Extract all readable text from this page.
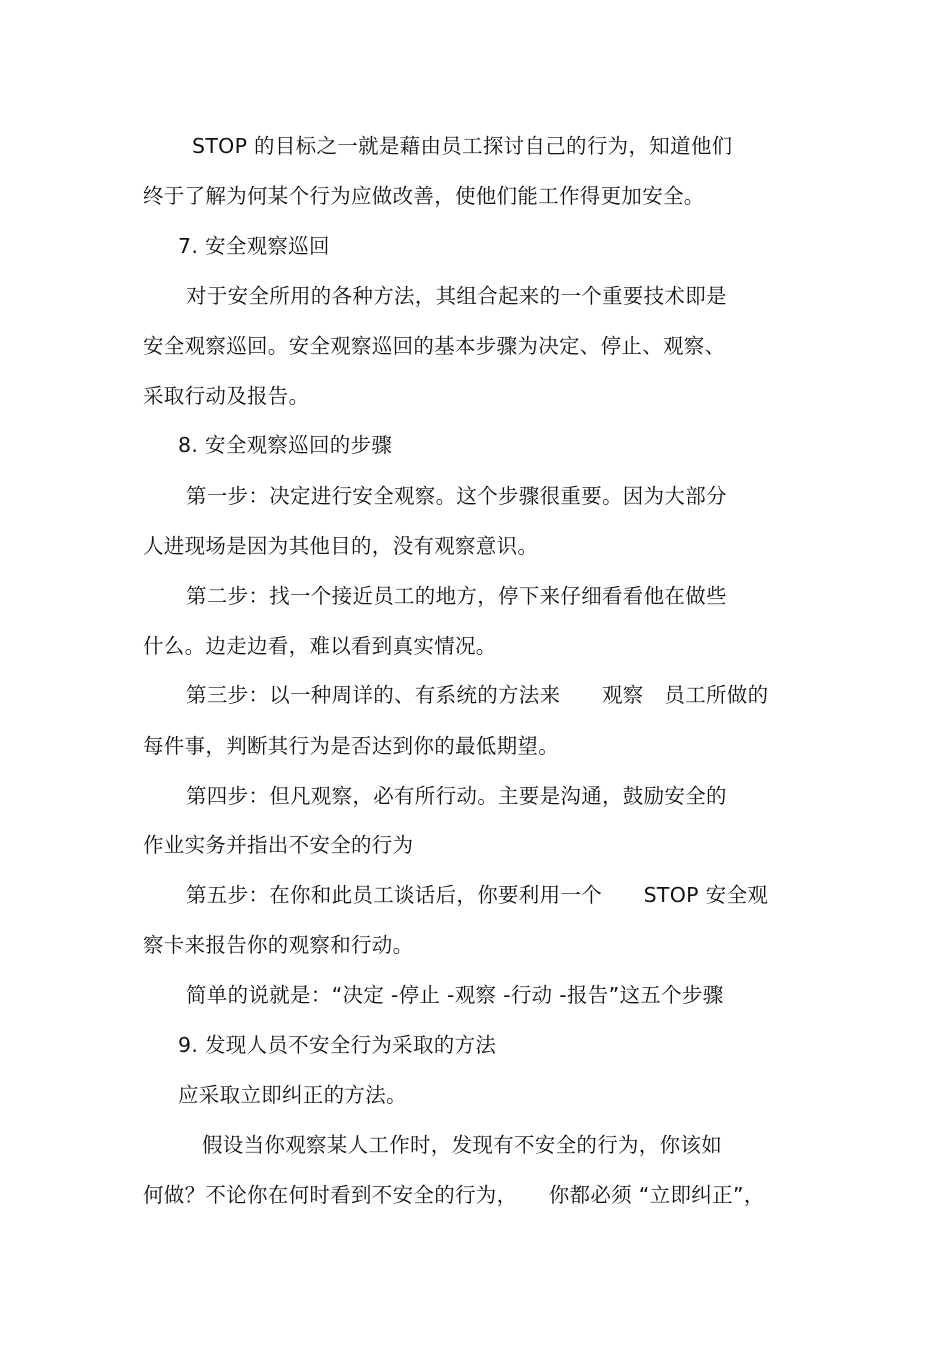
STOP 的目标之一就是藉由员工探讨自己的行为，知道他们
终于了解为何某个行为应做改善，使他们能工作得更加安全。
7. 安全观察巡回
对于安全所用的各种方法，其组合起来的一个重要技术即是
安全观察巡回。安全观察巡回的基本步骤为决定、停止、观察、
采取行动及报告。
8. 安全观察巡回的步骤
第一步：决定进行安全观察。这个步骤很重要。因为大部分
人进现场是因为其他目的，没有观察意识。
第二步：找一个接近员工的地方，停下来仔细看看他在做些
什么。边走边看，难以看到真实情况。
第三步：以一种周详的、有系统的方法来　　观察　员工所做的
每件事，判断其行为是否达到你的最低期望。
第四步：但凡观察，必有所行动。主要是沟通，鼓励安全的
作业实务并指出不安全的行为
第五步：在你和此员工谈话后，你要利用一个　　STOP 安全观
察卡来报告你的观察和行动。
简单的说就是：“决定 -停止 -观察 -行动 -报告”这五个步骤
9. 发现人员不安全行为采取的方法
应采取立即纠正的方法。
假设当你观察某人工作时，发现有不安全的行为，你该如
何做？不论你在何时看到不安全的行为，　　你都必须 “立即纠正”，
